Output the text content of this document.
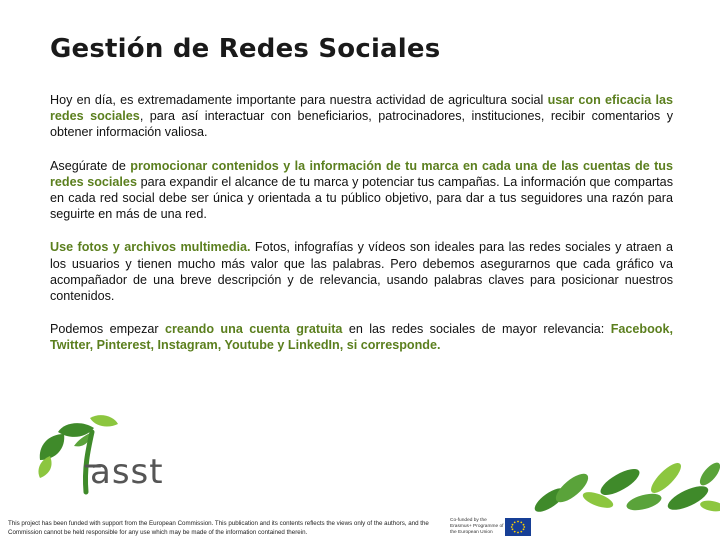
Gestión de Redes Sociales

Hoy en día, es extremadamente importante para nuestra actividad de agricultura social usar con eficacia las redes sociales, para así interactuar con beneficiarios, patrocinadores, instituciones, recibir comentarios y obtener información valiosa.

Asegúrate de promocionar contenidos y la información de tu marca en cada una de las cuentas de tus redes sociales para expandir el alcance de tu marca y potenciar tus campañas. La información que compartas en cada red social debe ser única y orientada a tu público objetivo, para dar a tus seguidores una razón para seguirte en más de una red.

Use fotos y archivos multimedia. Fotos, infografías y vídeos son ideales para las redes sociales y atraen a los usuarios y tienen mucho más valor que las palabras. Pero debemos asegurarnos que cada gráfico va acompañador de una breve descripción y de relevancia, usando palabras claves para posicionar nuestros contenidos.

Podemos empezar creando una cuenta gratuita en las redes sociales de mayor relevancia: Facebook, Twitter, Pinterest, Instagram, Youtube y LinkedIn, si corresponde.

asst

This project has been funded with support from the European Commission. This publication and its contents reflects the views only of the authors, and the Commission cannot be held responsible for any use which may be made of the information contained therein.

Co-funded by the Erasmus+ Programme of the European Union
